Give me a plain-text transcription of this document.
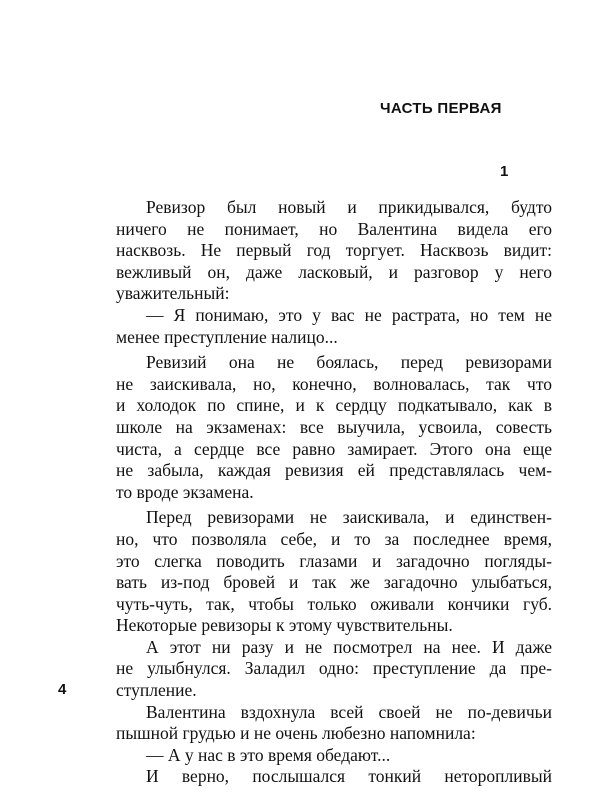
ЧАСТЬ ПЕРВАЯ
1
Ревизор был новый и прикидывался, будто
ничего не понимает, но Валентина видела его
насквозь. Не первый год торгует. Насквозь видит:
вежливый он, даже ласковый, и разговор у него
уважительный:
— Я понимаю, это у вас не растрата, но тем не
менее преступление налицо...
Ревизий она не боялась, перед ревизорами
не заискивала, но, конечно, волновалась, так что
и холодок по спине, и к сердцу подкатывало, как в
школе на экзаменах: все выучила, усвоила, совесть
чиста, а сердце все равно замирает. Этого она еще
не забыла, каждая ревизия ей представлялась чем-
то вроде экзамена.
Перед ревизорами не заискивала, и единствен-
но, что позволяла себе, и то за последнее время,
это слегка поводить глазами и загадочно погляды-
вать из-под бровей и так же загадочно улыбаться,
чуть-чуть, так, чтобы только оживали кончики губ.
Некоторые ревизоры к этому чувствительны.
А этот ни разу и не посмотрел на нее. И даже
не улыбнулся. Заладил одно: преступление да пре-
ступление.
Валентина вздохнула всей своей не по-девичьи
пышной грудью и не очень любезно напомнила:
— А у нас в это время обедают...
И верно, послышался тонкий неторопливый
4
